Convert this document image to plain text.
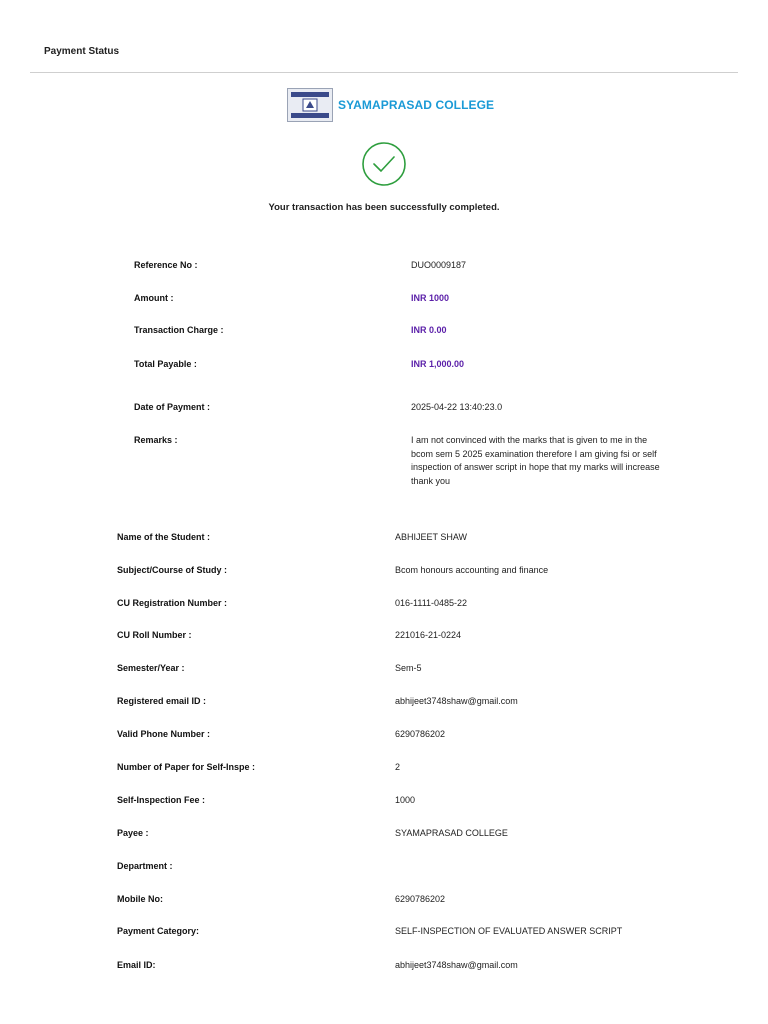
Payment Status
SYAMAPRASAD COLLEGE
Your transaction has been successfully completed.
Reference No :	DUO0009187
Amount :	INR 1000
Transaction Charge :	INR 0.00
Total Payable :	INR 1,000.00
Date of Payment :	2025-04-22 13:40:23.0
Remarks :	I am not convinced with the marks that is given to me in the bcom sem 5 2025 examination therefore I am giving fsi or self inspection of answer script in hope that my marks will increase thank you
Name of the Student :	ABHIJEET SHAW
Subject/Course of Study :	Bcom honours accounting and finance
CU Registration Number :	016-1111-0485-22
CU Roll Number :	221016-21-0224
Semester/Year :	Sem-5
Registered email ID :	abhijeet3748shaw@gmail.com
Valid Phone Number :	6290786202
Number of Paper for Self-Inspe :	2
Self-Inspection Fee :	1000
Payee :	SYAMAPRASAD COLLEGE
Department :
Mobile No:	6290786202
Payment Category:	SELF-INSPECTION OF EVALUATED ANSWER SCRIPT
Email ID:	abhijeet3748shaw@gmail.com
